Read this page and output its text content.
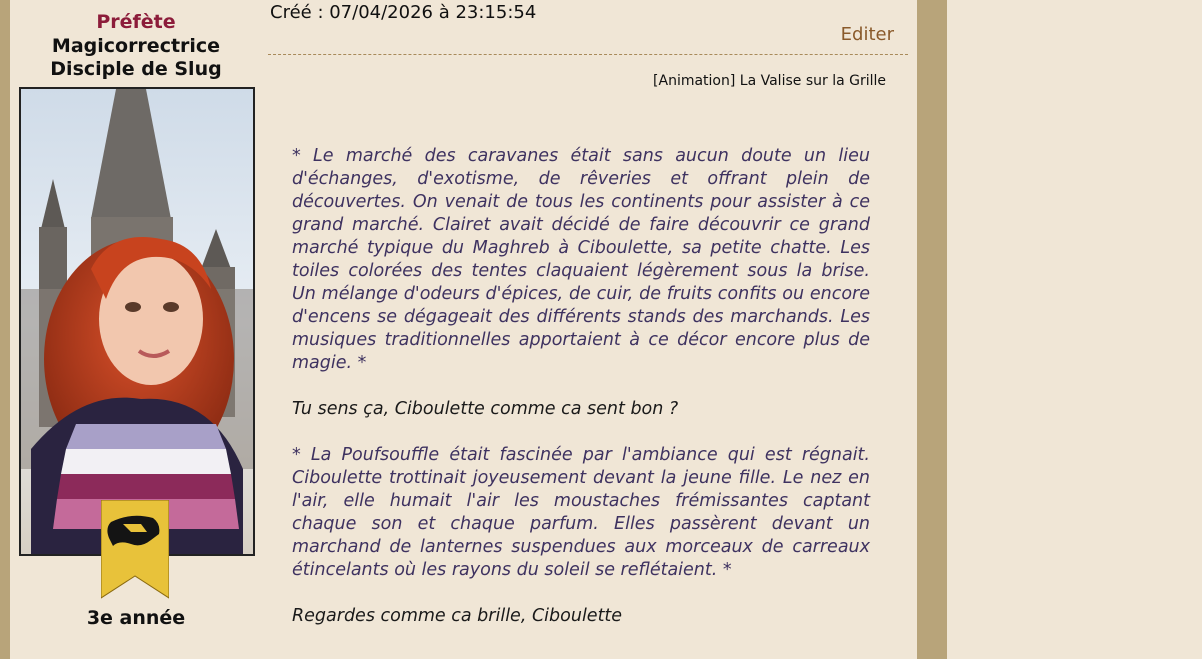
Préfète
Magicorrectrice
Disciple de Slug
3e année
Créé : 07/04/2026 à 23:15:54
Editer
[Animation] La Valise sur la Grille

* Le marché des caravanes était sans aucun doute un lieu d'échanges, d'exotisme, de rêveries et offrant plein de découvertes. On venait de tous les continents pour assister à ce grand marché. Clairet avait décidé de faire découvrir ce grand marché typique du Maghreb à Ciboulette, sa petite chatte. Les toiles colorées des tentes claquaient légèrement sous la brise. Un mélange d'odeurs d'épices, de cuir, de fruits confits ou encore d'encens se dégageait des différents stands des marchands. Les musiques traditionnelles apportaient à ce décor encore plus de magie. *

Tu sens ça, Ciboulette comme ca sent bon ?

* La Poufsouffle était fascinée par l'ambiance qui est régnait. Ciboulette trottinait joyeusement devant la jeune fille. Le nez en l'air, elle humait l'air les moustaches frémissantes captant chaque son et chaque parfum. Elles passèrent devant un marchand de lanternes suspendues aux morceaux de carreaux étincelants où les rayons du soleil se reflétaient. *

Regardes comme ca brille, Ciboulette
